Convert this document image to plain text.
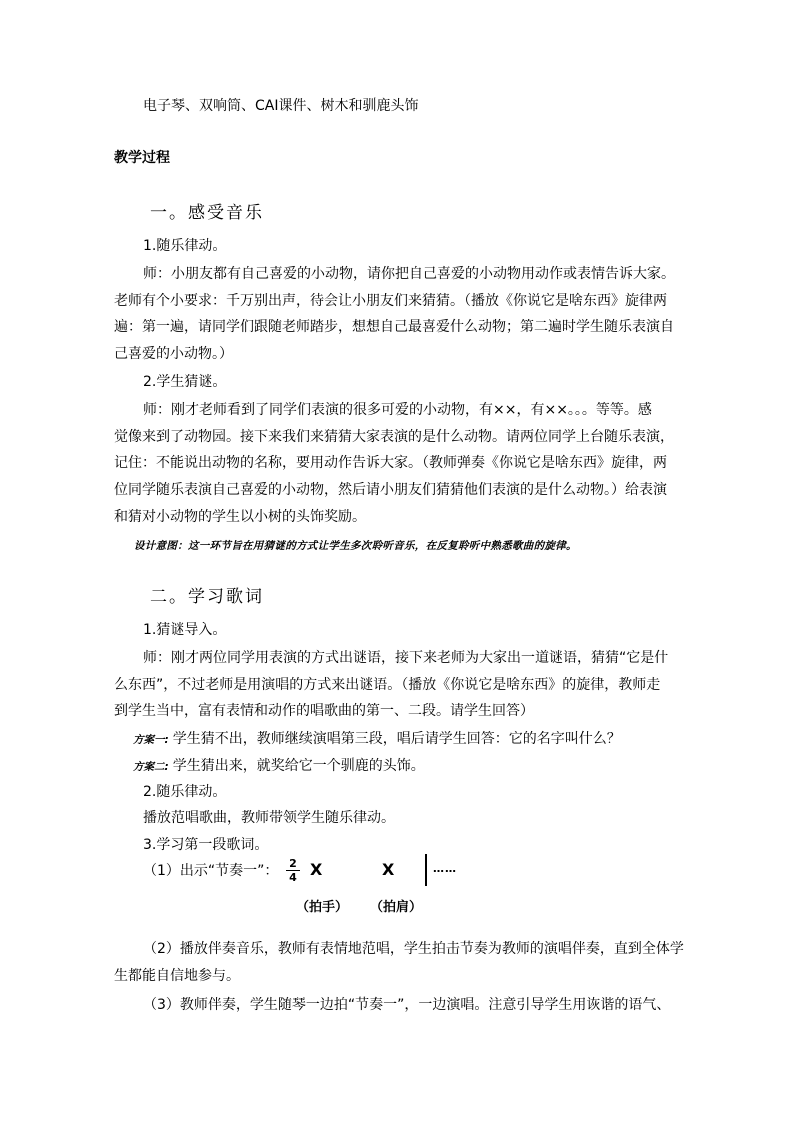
电子琴、双响筒、CAI课件、树木和驯鹿头饰
教学过程
一。感受音乐
1.随乐律动。
师：小朋友都有自己喜爱的小动物，请你把自己喜爱的小动物用动作或表情告诉大家。
老师有个小要求：千万别出声，待会让小朋友们来猜猜。（播放《你说它是啥东西》旋律两
遍：第一遍，请同学们跟随老师踏步，想想自己最喜爱什么动物；第二遍时学生随乐表演自
己喜爱的小动物。）
2.学生猜谜。
师：刚才老师看到了同学们表演的很多可爱的小动物，有××，有××。。。等等。感
觉像来到了动物园。接下来我们来猜猜大家表演的是什么动物。请两位同学上台随乐表演，
记住：不能说出动物的名称，要用动作告诉大家。（教师弹奏《你说它是啥东西》旋律，两
位同学随乐表演自己喜爱的小动物，然后请小朋友们猜猜他们表演的是什么动物。）给表演
和猜对小动物的学生以小树的头饰奖励。
设计意图：这一环节旨在用猜谜的方式让学生多次聆听音乐，在反复聆听中熟悉歌曲的旋律。
二。学习歌词
1.猜谜导入。
师：刚才两位同学用表演的方式出谜语，接下来老师为大家出一道谜语，猜猜“它是什
么东西”，不过老师是用演唱的方式来出谜语。（播放《你说它是啥东西》的旋律，教师走
到学生当中，富有表情和动作的唱歌曲的第一、二段。请学生回答）
方案一: 学生猜不出，教师继续演唱第三段，唱后请学生回答：它的名字叫什么？
方案二: 学生猜出来，就奖给它一个驯鹿的头饰。
2.随乐律动。
播放范唱歌曲，教师带领学生随乐律动。
3.学习第一段歌词。
（1）出示“节奏一”： 2
4 X	X	……
（拍手） （拍肩）
（2）播放伴奏音乐，教师有表情地范唱，学生拍击节奏为教师的演唱伴奏，直到全体学
生都能自信地参与。
（3）教师伴奏，学生随琴一边拍“节奏一”，一边演唱。注意引导学生用诙谐的语气、
